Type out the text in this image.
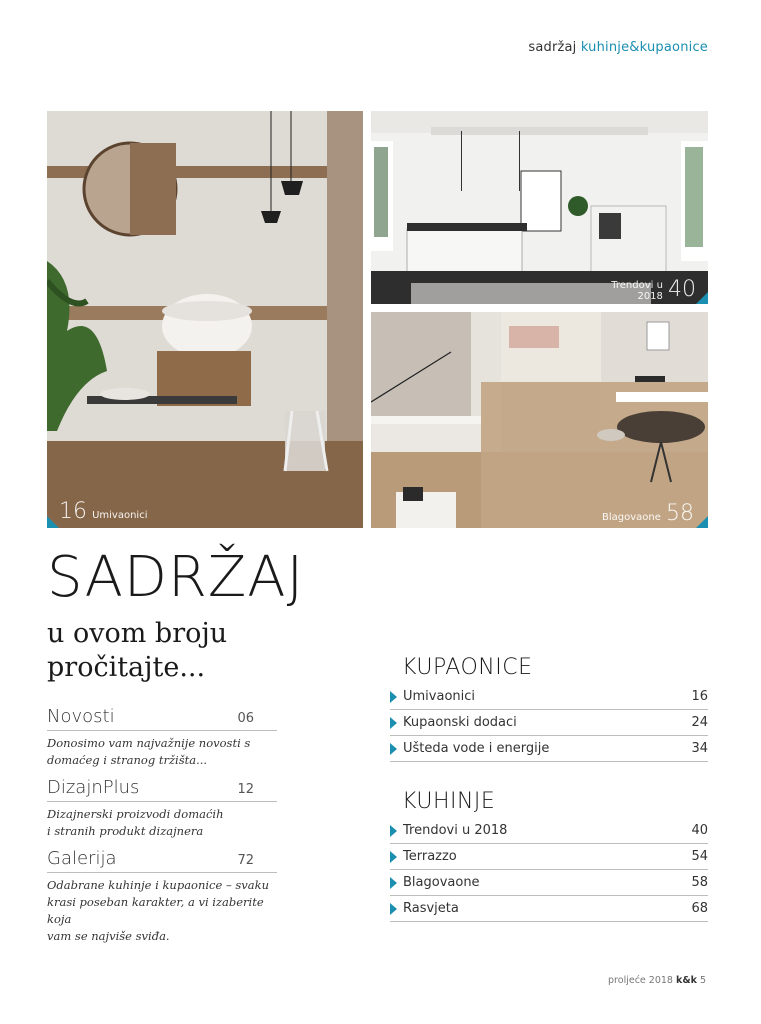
sadržaj kuhinje&kupaonice
16 Umivaonici
Trendovi u 2018 40
Blagovaone 58
SADRŽAJ
u ovom broju
pročitajte...
Novosti	06
Donosimo vam najvažnije novosti s
domaćeg i stranog tržišta...
DizajnPlus	12
Dizajnerski proizvodi domaćih
i stranih produkt dizajnera
Galerija	72
Odabrane kuhinje i kupaonice – svaku
krasi poseban karakter, a vi izaberite koja
vam se najviše sviđa.
KUPAONICE
Umivaonici	16
Kupaonski dodaci	24
Ušteda vode i energije	34
KUHINJE
Trendovi u 2018	40
Terrazzo	54
Blagovaone	58
Rasvjeta	68
proljeće 2018 k&k 5
